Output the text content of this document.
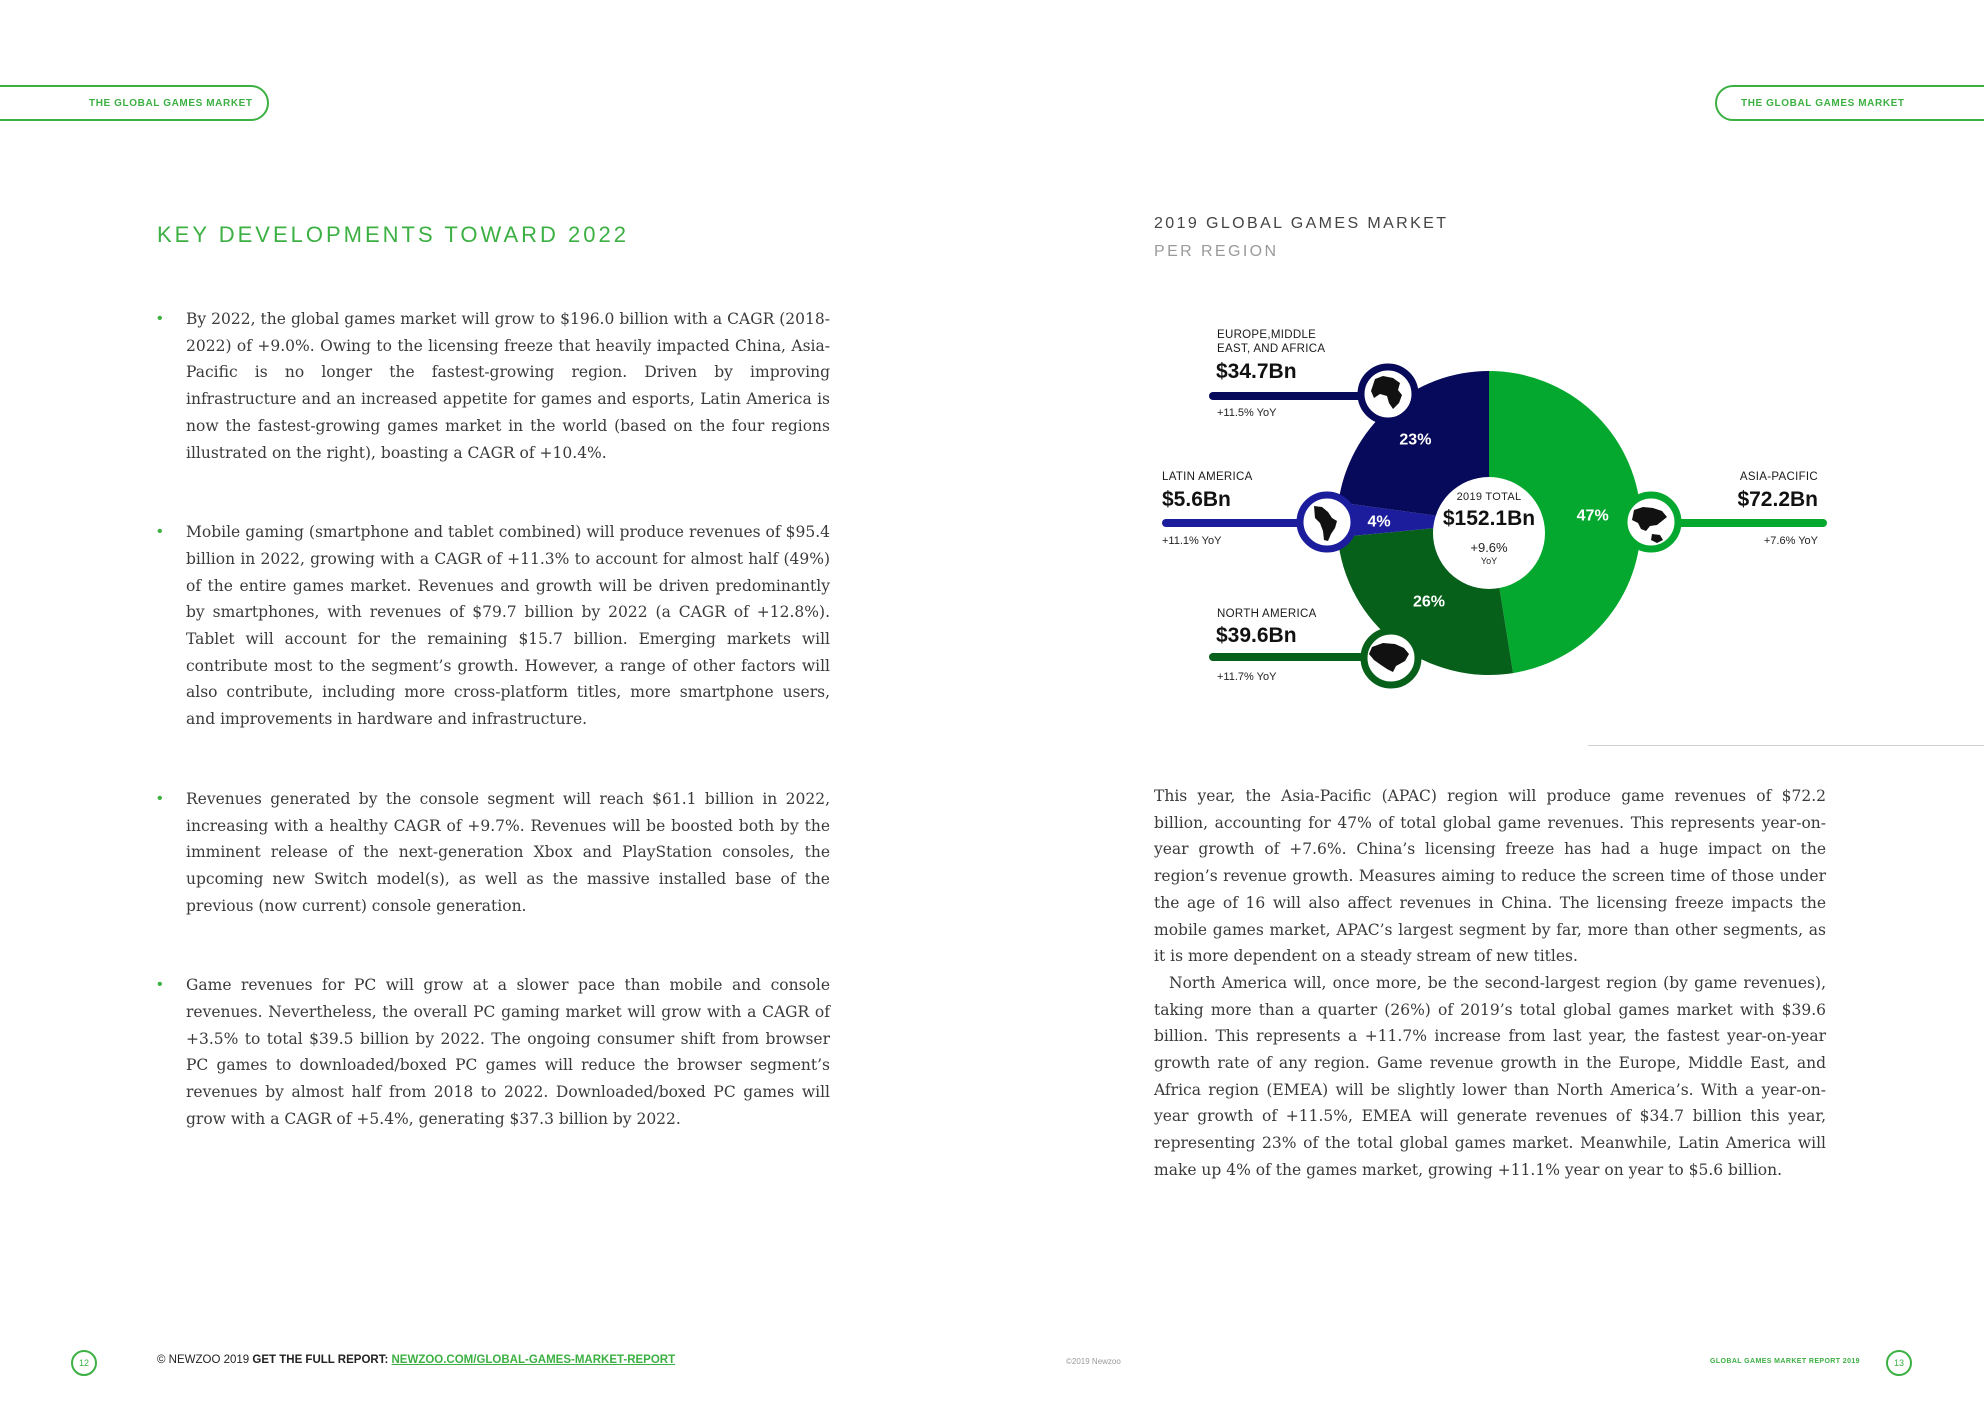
THE GLOBAL GAMES MARKET	THE GLOBAL GAMES MARKET
KEY DEVELOPMENTS TOWARD 2022
• By 2022, the global games market will grow to $196.0 billion with a CAGR (2018-2022) of +9.0%. Owing to the licensing freeze that heavily impacted China, Asia-Pacific is no longer the fastest-growing region. Driven by improving infrastructure and an increased appetite for games and esports, Latin America is now the fastest-growing games market in the world (based on the four regions illustrated on the right), boasting a CAGR of +10.4%.
• Mobile gaming (smartphone and tablet combined) will produce revenues of $95.4 billion in 2022, growing with a CAGR of +11.3% to account for almost half (49%) of the entire games market. Revenues and growth will be driven predominantly by smartphones, with revenues of $79.7 billion by 2022 (a CAGR of +12.8%). Tablet will account for the remaining $15.7 billion. Emerging markets will contribute most to the segment’s growth. However, a range of other factors will also contribute, including more cross-platform titles, more smartphone users, and improvements in hardware and infrastructure.
• Revenues generated by the console segment will reach $61.1 billion in 2022, increasing with a healthy CAGR of +9.7%. Revenues will be boosted both by the imminent release of the next-generation Xbox and PlayStation consoles, the upcoming new Switch model(s), as well as the massive installed base of the previous (now current) console generation.
• Game revenues for PC will grow at a slower pace than mobile and console revenues. Nevertheless, the overall PC gaming market will grow with a CAGR of +3.5% to total $39.5 billion by 2022. The ongoing consumer shift from browser PC games to downloaded/boxed PC games will reduce the browser segment’s revenues by almost half from 2018 to 2022. Downloaded/boxed PC games will grow with a CAGR of +5.4%, generating $37.3 billion by 2022.
2019 GLOBAL GAMES MARKET
PER REGION
47%
26%
4%
23%
2019 TOTAL
$152.1Bn
+9.6%
YoY
EUROPE,MIDDLE
EAST, AND AFRICA
$34.7Bn
+11.5% YoY
LATIN AMERICA
$5.6Bn
+11.1% YoY
NORTH AMERICA
$39.6Bn
+11.7% YoY
ASIA-PACIFIC
$72.2Bn
+7.6% YoY

This year, the Asia-Pacific (APAC) region will produce game revenues of $72.2 billion, accounting for 47% of total global game revenues. This represents year-on-year growth of +7.6%. China’s licensing freeze has had a huge impact on the region’s revenue growth. Measures aiming to reduce the screen time of those under the age of 16 will also affect revenues in China. The licensing freeze impacts the mobile games market, APAC’s largest segment by far, more than other segments, as it is more dependent on a steady stream of new titles.

North America will, once more, be the second-largest region (by game revenues), taking more than a quarter (26%) of 2019’s total global games market with $39.6 billion. This represents a +11.7% increase from last year, the fastest year-on-year growth rate of any region. Game revenue growth in the Europe, Middle East, and Africa region (EMEA) will be slightly lower than North America’s. With a year-on-year growth of +11.5%, EMEA will generate revenues of $34.7 billion this year, representing 23% of the total global games market. Meanwhile, Latin America will make up 4% of the games market, growing +11.1% year on year to $5.6 billion.

12	© NEWZOO 2019 GET THE FULL REPORT: NEWZOO.COM/GLOBAL-GAMES-MARKET-REPORT	©2019 Newzoo	GLOBAL GAMES MARKET REPORT 2019	13
